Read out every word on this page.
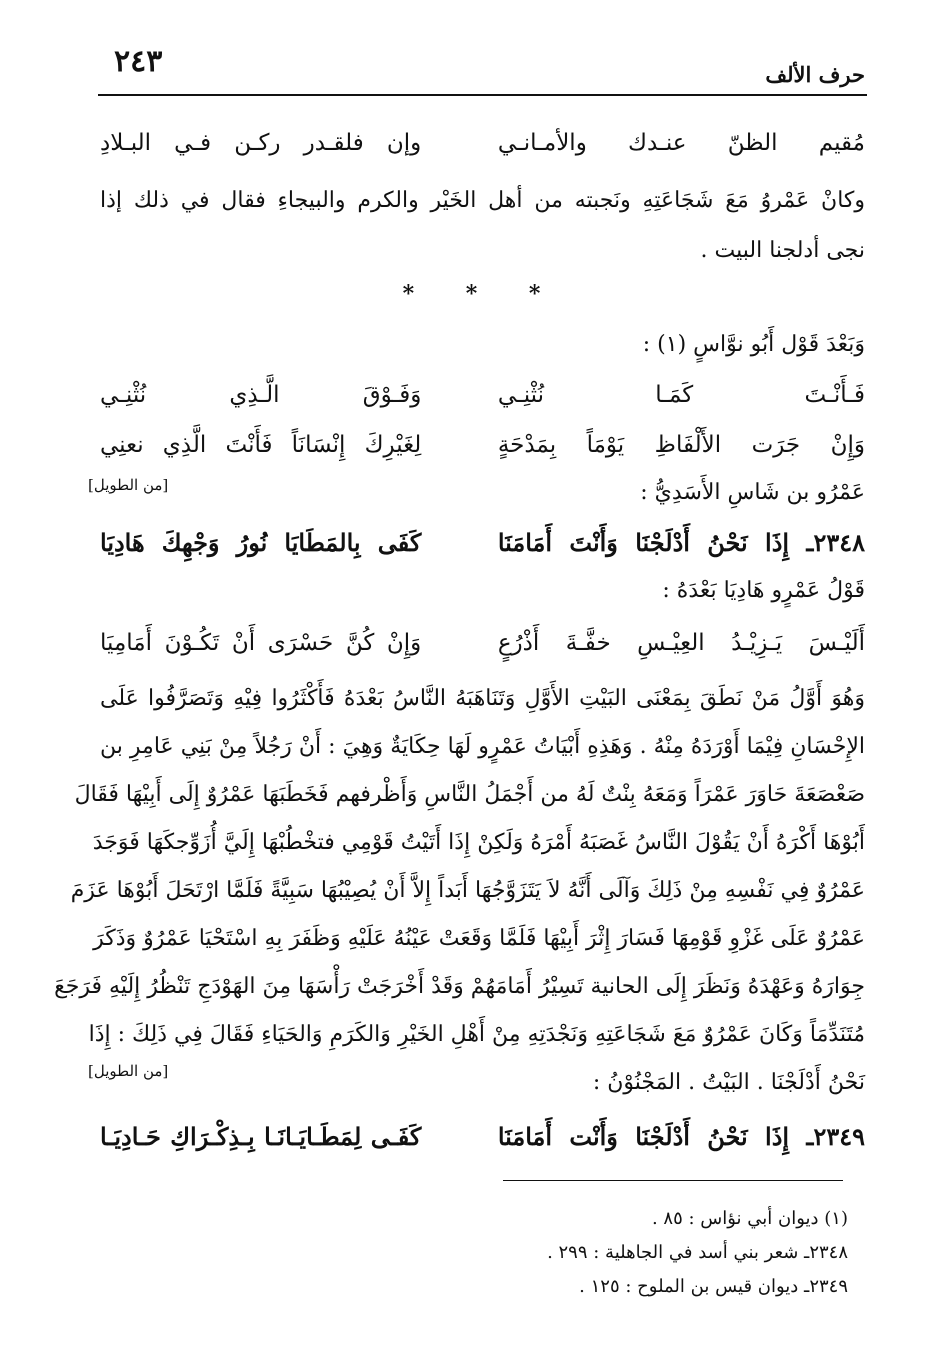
٢٤٣	حرف الألف
مُقيم الظنّ عنـدك والأمـانـي
وإن فلقـدر ركـن فـي البـلادِ
وكانْ عَمْروُ مَعَ شَجَاعَتِهِ ونَجبته من أهل الخَيْر والكرم والبيجاءِ فقال في ذلك إذا
نجى أدلجنا البيت .
* * *
وَبَعْدَ قَوْل أَبُو نوَّاسٍ (١) :
فَـأَنْـتَ كَمَـا نُثْنِـي
وَفَـوْقَ الَّـذِي نُثْنِـي
وَإِنْ جَرَت الأَلْفَاظِ يَوْمَاً بِمَدْحَةٍ
لِغَيْرِكَ إِنْسَانَاً فَأَنْتَ الَّذِي نعنِي
عَمْرُو بن شَاسِ الأَسَدِيُّ :
[من الطويل]
٢٣٤٨ـ إِذَا نَحْنُ أَدْلَجْنَا وَأَنْتَ أَمَامَنَا
كَفَى بِالمَطَايَا نُورُ وَجْهِكَ هَادِيَا
قَوْلُ عَمْرٍو هَادِيَا بَعْدَهُ :
أَلَيْـسَ يَـزِيْـدُ العِيْـسِ خفَّـةَ أَذْرُعٍ
وَإِنْ كُنَّ حَسْرَى أَنْ تَكُـوْنَ أَمَامِيَا
وَهُوَ أَوَّلُ مَنْ نَطَقَ بِمَعْنَى البَيْتِ الأَوَّلِ وَتَنَاهَبَهُ النَّاسُ بَعْدَهُ فَأَكْثَرُوا فِيْهِ وَتَصَرَّفُوا عَلَى
الإِحْسَانِ فِيْمَا أَوْرَدَهُ مِنْهُ . وَهَذِهِ أَبْيَاتُ عَمْرٍو لَهَا حِكَايَةٌ وَهِيَ : أَنْ رَجُلاً مِنْ بَنِي عَامِرِ بن
صَعْصَعَةَ حَاوَرَ عَمْرَاً وَمَعَهُ بِنْتٌ لَهُ من أَجْمَلُ النَّاسِ وَأَظْرفهم فَخَطَبَهَا عَمْرُوٌ إِلَى أَبِيْهَا فَقَالَ
أَبُوْهَا أَكْرَهُ أَنْ يَقُوْلَ النَّاسُ غَصَبَهُ أَمْرَهُ وَلَكِنْ إِذَا أَتَيْتُ قَوْمِي فتخْطُبْهَا إِلَيَّ أُزَوِّجكَهَا فَوَجَدَ
عَمْرُوٌ فِي نَفْسِهِ مِنْ ذَلِكَ وَآلَى أَنَّهُ لاَ يَتَزَوَّجُهَا أَبَداً إِلاَّ أَنْ يُصِيْبُهَا سَبِيَّةً فَلَمَّا ارْتَحَلَ أَبُوْهَا عَزَمَ
عَمْرُوٌ عَلَى غَزْوِ قَوْمِهَا فَسَارَ إِثْرَ أَبِيْهَا فَلَمَّا وَقَعَتْ عَيْنُهُ عَلَيْهِ وَظَفَرَ بِهِ اسْتَحْيَا عَمْرُوٌ وَذَكَرَ
جِوَارَهُ وَعَهْدَهُ وَنَظَرَ إِلَى الحانية تَسِيْرُ أَمَامَهُمْ وَقَدْ أَخْرَجَتْ رَأْسَهَا مِنَ الهَوْدَجِ تَنْظُرُ إِلَيْهِ فَرَجَعَ
مُتَنَدِّمَاً وَكَانَ عَمْرُوٌ مَعَ شَجَاعَتِهِ وَنَجْدَتِهِ مِنْ أَهْلِ الخَيْرِ وَالكَرَمِ وَالحَيَاءِ فَقَالَ فِي ذَلِكَ : إِذَا
نَحْنُ أَدْلَجْنَا . البَيْتُ . المَجْنُوْنُ :
[من الطويل]
٢٣٤٩ـ إِذَا نَحْنُ أَدْلَجْنَا وَأَنْت أَمَامَنَا
كَفَـى لِمَطَـايَـانَـا بِـذِكْـرَاكِ حَـادِيَـا
(١) ديوان أبي نؤاس : ٨٥ .
٢٣٤٨ـ شعر بني أسد في الجاهلية : ٢٩٩ .
٢٣٤٩ـ ديوان قيس بن الملوح : ١٢٥ .
